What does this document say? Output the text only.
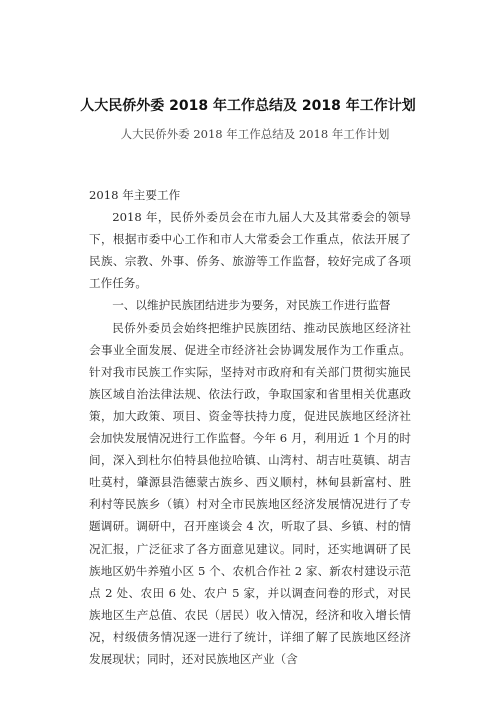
人大民侨外委 2018 年工作总结及 2018 年工作计划
人大民侨外委 2018 年工作总结及 2018 年工作计划

2018 年主要工作

2018 年，民侨外委员会在市九届人大及其常委会的领导下，根据市委中心工作和市人大常委会工作重点，依法开展了民族、宗教、外事、侨务、旅游等工作监督，较好完成了各项工作任务。

一、以维护民族团结进步为要务，对民族工作进行监督

民侨外委员会始终把维护民族团结、推动民族地区经济社会事业全面发展、促进全市经济社会协调发展作为工作重点。针对我市民族工作实际，坚持对市政府和有关部门贯彻实施民族区域自治法律法规、依法行政，争取国家和省里相关优惠政策，加大政策、项目、资金等扶持力度，促进民族地区经济社会加快发展情况进行工作监督。今年 6 月，利用近 1 个月的时间，深入到杜尔伯特县他拉哈镇、山湾村、胡吉吐莫镇、胡吉吐莫村，肇源县浩德蒙古族乡、西义顺村，林甸县新富村、胜利村等民族乡（镇）村对全市民族地区经济发展情况进行了专题调研。调研中，召开座谈会 4 次，听取了县、乡镇、村的情况汇报，广泛征求了各方面意见建议。同时，还实地调研了民族地区奶牛养殖小区 5 个、农机合作社 2 家、新农村建设示范点 2 处、农田 6 处、农户 5 家，并以调查问卷的形式，对民族地区生产总值、农民（居民）收入情况，经济和收入增长情况，村级债务情况逐一进行了统计，详细了解了民族地区经济发展现状；同时，还对民族地区产业（含
